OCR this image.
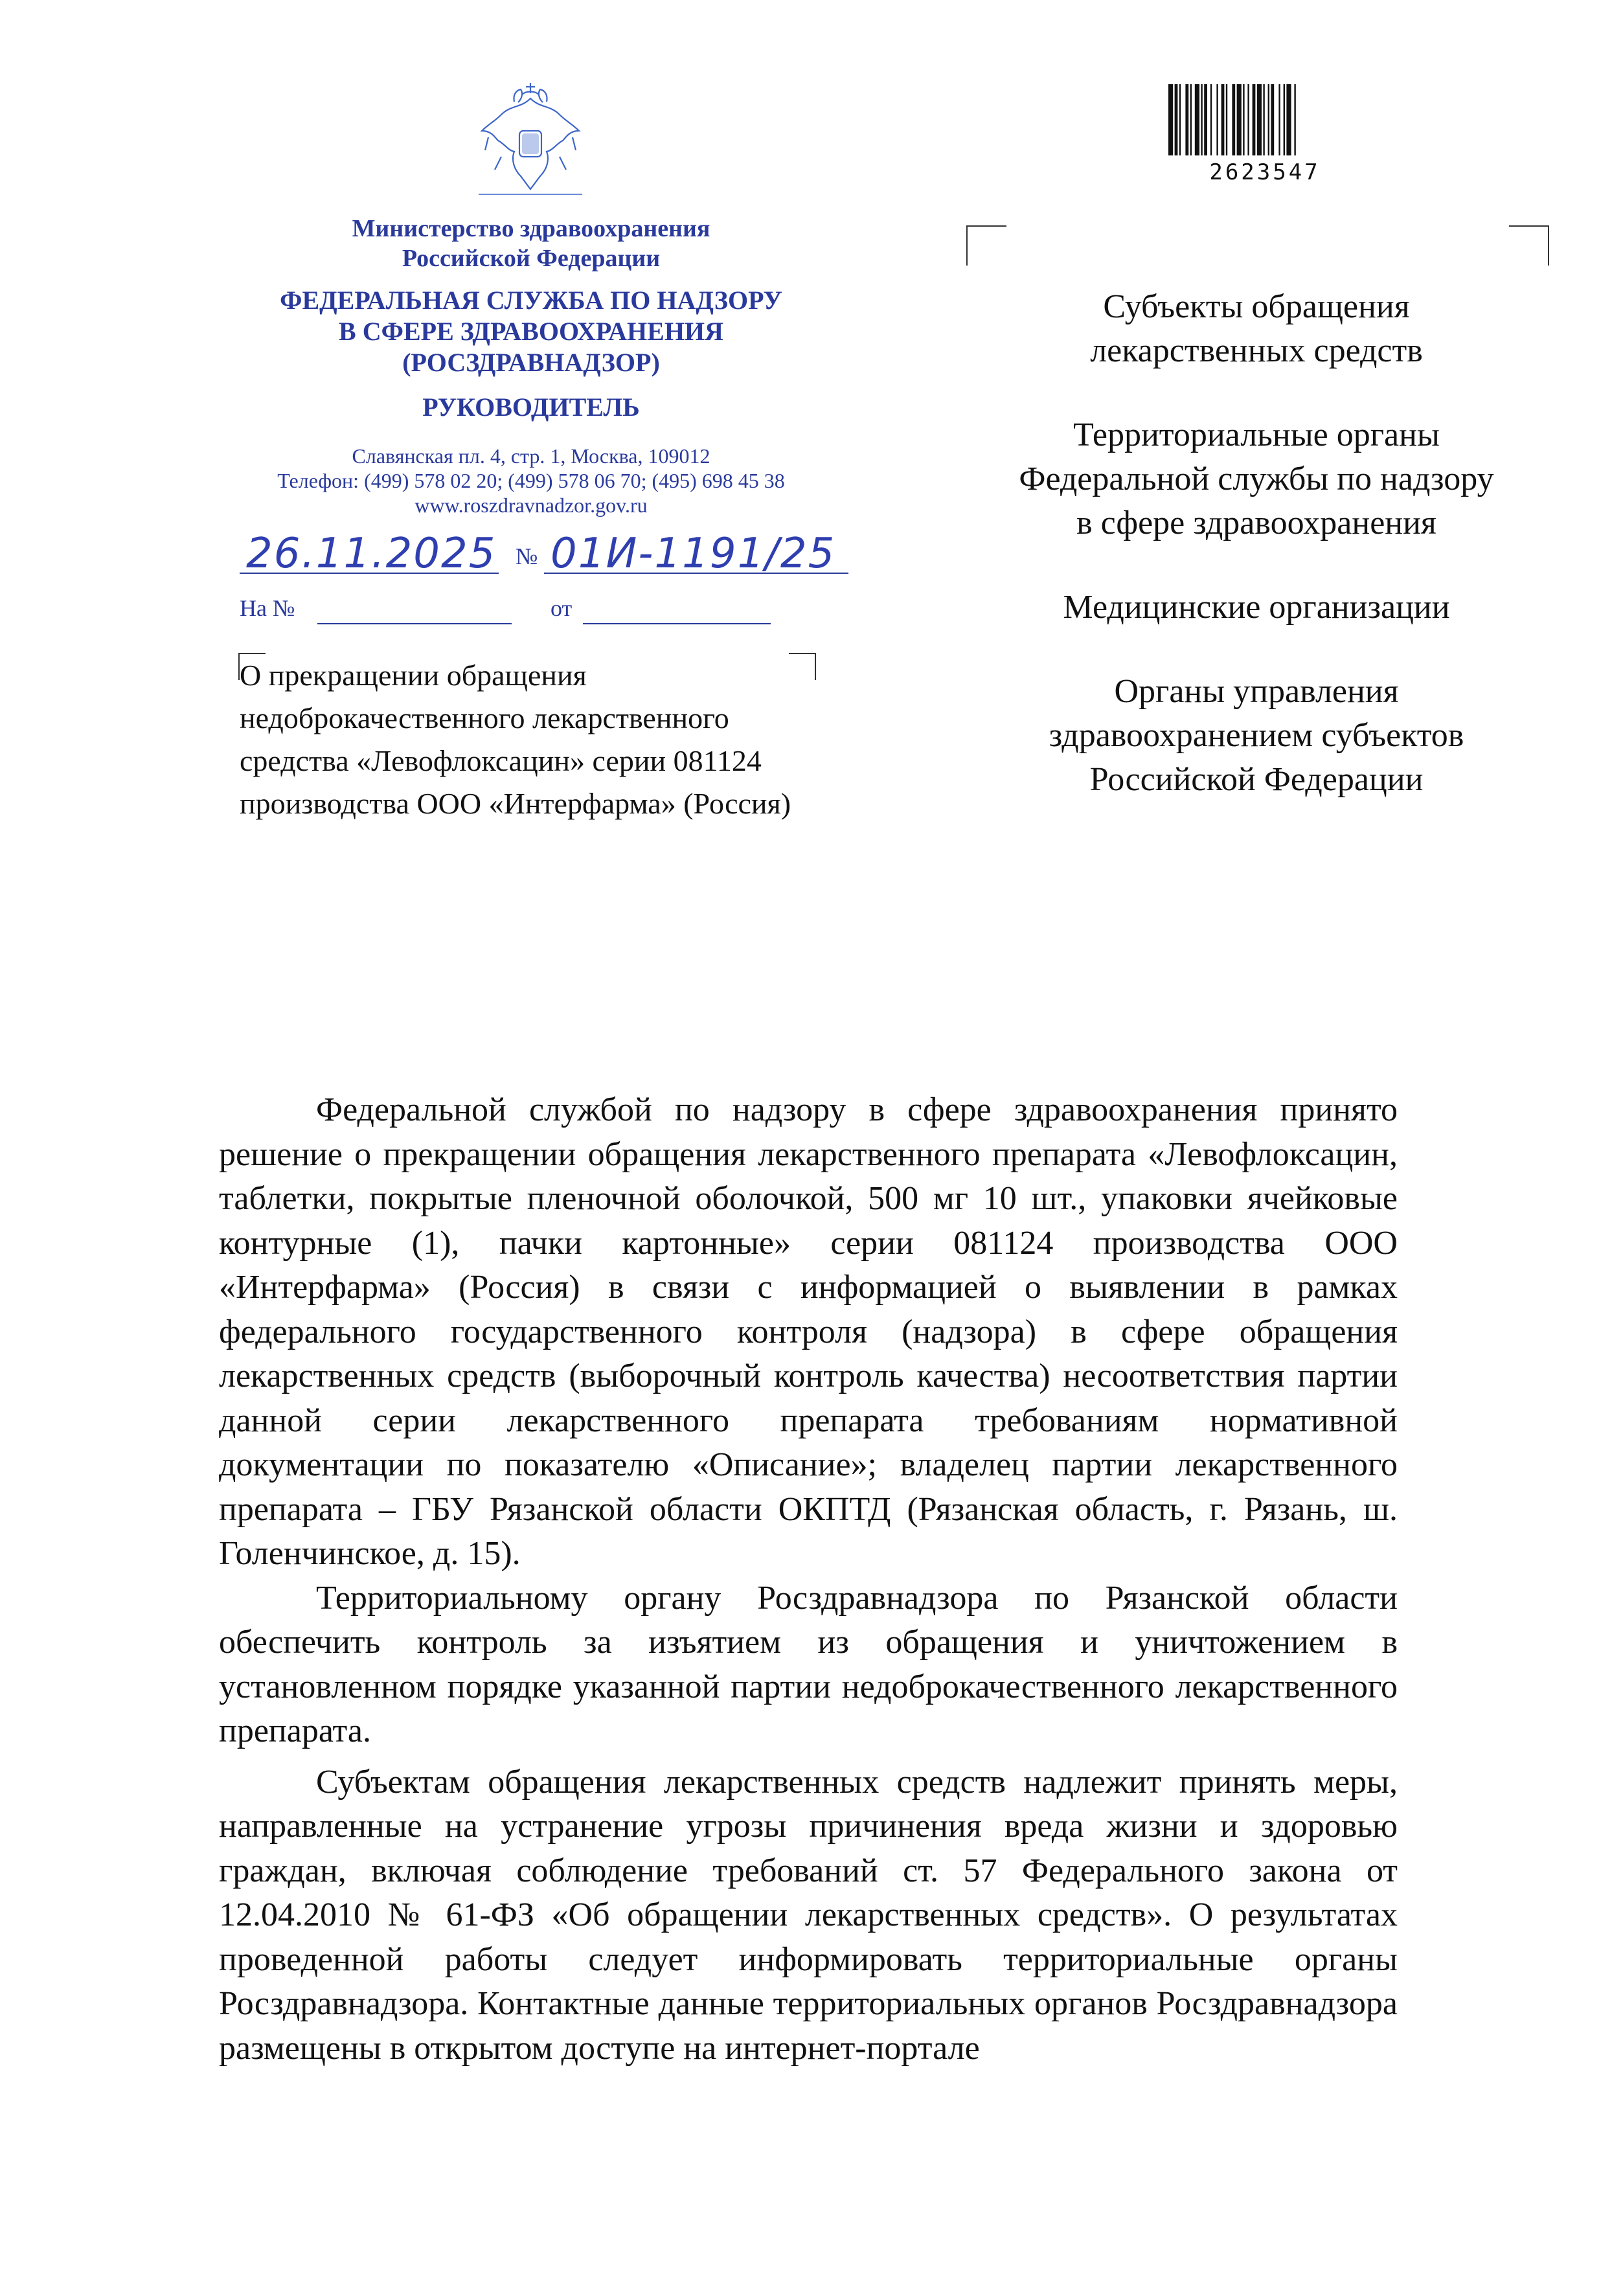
Министерство здравоохранения
Российской Федерации
ФЕДЕРАЛЬНАЯ СЛУЖБА ПО НАДЗОРУ
В СФЕРЕ ЗДРАВООХРАНЕНИЯ
(РОСЗДРАВНАДЗОР)
РУКОВОДИТЕЛЬ
Славянская пл. 4, стр. 1, Москва, 109012
Телефон: (499) 578 02 20; (499) 578 06 70; (495) 698 45 38
www.roszdravnadzor.gov.ru
26.11.2025 № 01И-1191/25
На №	от
О прекращении обращения
недоброкачественного лекарственного
средства «Левофлоксацин» серии 081124
производства ООО «Интерфарма» (Россия)
2623547
Субъекты обращения
лекарственных средств
Территориальные органы
Федеральной службы по надзору
в сфере здравоохранения
Медицинские организации
Органы управления
здравоохранением субъектов
Российской Федерации

Федеральной службой по надзору в сфере здравоохранения принято решение о прекращении обращения лекарственного препарата «Левофлоксацин, таблетки, покрытые пленочной оболочкой, 500 мг 10 шт., упаковки ячейковые контурные (1), пачки картонные» серии 081124 производства ООО «Интерфарма» (Россия) в связи с информацией о выявлении в рамках федерального государственного контроля (надзора) в сфере обращения лекарственных средств (выборочный контроль качества) несоответствия партии данной серии лекарственного препарата требованиям нормативной документации по показателю «Описание»; владелец партии лекарственного препарата – ГБУ Рязанской области ОКПТД (Рязанская область, г. Рязань, ш. Голенчинское, д. 15).

Территориальному органу Росздравнадзора по Рязанской области обеспечить контроль за изъятием из обращения и уничтожением в установленном порядке указанной партии недоброкачественного лекарственного препарата.

Субъектам обращения лекарственных средств надлежит принять меры, направленные на устранение угрозы причинения вреда жизни и здоровью граждан, включая соблюдение требований ст. 57 Федерального закона от 12.04.2010 № 61-ФЗ «Об обращении лекарственных средств». О результатах проведенной работы следует информировать территориальные органы Росздравнадзора. Контактные данные территориальных органов Росздравнадзора размещены в открытом доступе на интернет-портале
